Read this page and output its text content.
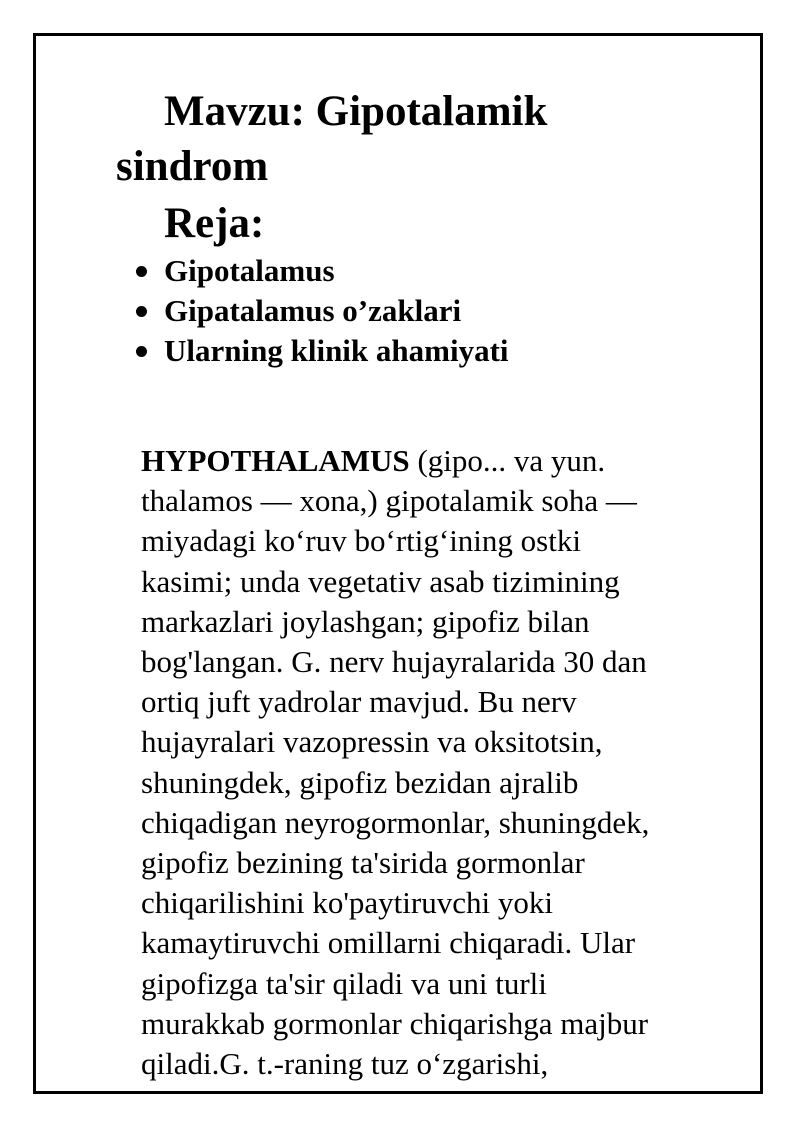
Mavzu: Gipotalamik
sindrom
Reja:
Gipotalamus
Gipatalamus o’zaklari
Ularning klinik ahamiyati
HYPOTHALAMUS (gipo... va yun.
thalamos — xona,) gipotalamik soha —
miyadagi koʻruv boʻrtigʻining ostki
kasimi; unda vegetativ asab tizimining
markazlari joylashgan; gipofiz bilan
bog'langan. G. nerv hujayralarida 30 dan
ortiq juft yadrolar mavjud. Bu nerv
hujayralari vazopressin va oksitotsin,
shuningdek, gipofiz bezidan ajralib
chiqadigan neyrogormonlar, shuningdek,
gipofiz bezining ta'sirida gormonlar
chiqarilishini ko'paytiruvchi yoki
kamaytiruvchi omillarni chiqaradi. Ular
gipofizga ta'sir qiladi va uni turli
murakkab gormonlar chiqarishga majbur
qiladi.G. t.-raning tuz oʻzgarishi,
